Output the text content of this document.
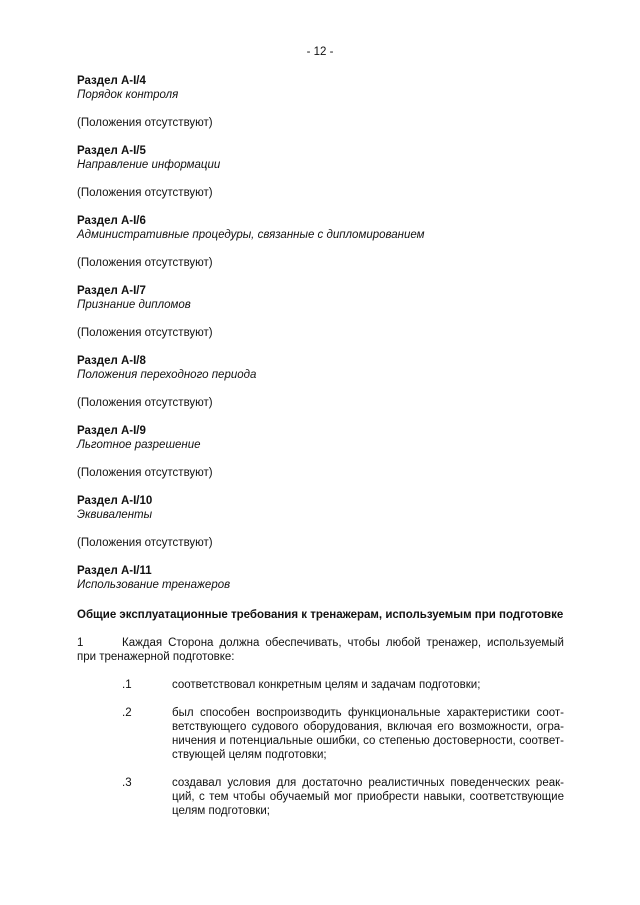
- 12 -
Раздел A-I/4
Порядок контроля
(Положения отсутствуют)
Раздел A-I/5
Направление информации
(Положения отсутствуют)
Раздел A-I/6
Административные процедуры, связанные с дипломированием
(Положения отсутствуют)
Раздел A-I/7
Признание дипломов
(Положения отсутствуют)
Раздел A-I/8
Положения переходного периода
(Положения отсутствуют)
Раздел A-I/9
Льготное разрешение
(Положения отсутствуют)
Раздел A-I/10
Эквиваленты
(Положения отсутствуют)
Раздел A-I/11
Использование тренажеров
Общие эксплуатационные требования к тренажерам, используемым при подготовке
1	Каждая Сторона должна обеспечивать, чтобы любой тренажер, используемый при тренажерной подготовке:
.1	соответствовал конкретным целям и задачам подготовки;
.2	был способен воспроизводить функциональные характеристики соответствующего судового оборудования, включая его возможности, ограничения и потенциальные ошибки, со степенью достоверности, соответствующей целям подготовки;
.3	создавал условия для достаточно реалистичных поведенческих реакций, с тем чтобы обучаемый мог приобрести навыки, соответствующие целям подготовки;
